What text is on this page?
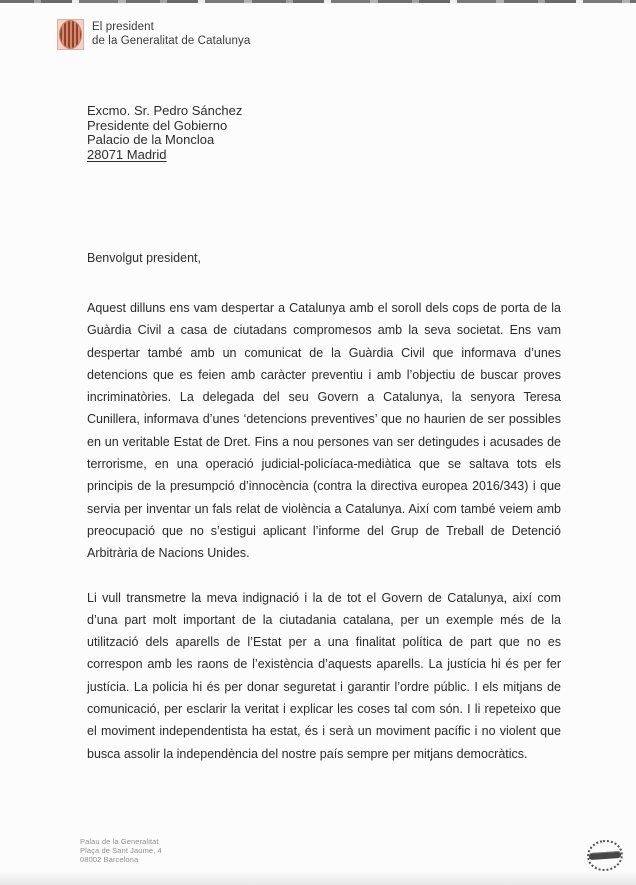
El president
de la Generalitat de Catalunya
Excmo. Sr. Pedro Sánchez
Presidente del Gobierno
Palacio de la Moncloa
28071 Madrid
Benvolgut president,

Aquest dilluns ens vam despertar a Catalunya amb el soroll dels cops de porta de la Guàrdia Civil a casa de ciutadans compromesos amb la seva societat. Ens vam despertar també amb un comunicat de la Guàrdia Civil que informava d’unes detencions que es feien amb caràcter preventiu i amb l’objectiu de buscar proves incriminatòries. La delegada del seu Govern a Catalunya, la senyora Teresa Cunillera, informava d’unes ‘detencions preventives’ que no haurien de ser possibles en un veritable Estat de Dret. Fins a nou persones van ser detingudes i acusades de terrorisme, en una operació judicial-policíaca-mediàtica que se saltava tots els principis de la presumpció d’innocència (contra la directiva europea 2016/343) i que servia per inventar un fals relat de violència a Catalunya. Així com també veiem amb preocupació que no s’estigui aplicant l’informe del Grup de Treball de Detenció Arbitrària de Nacions Unides.

Li vull transmetre la meva indignació i la de tot el Govern de Catalunya, així com d’una part molt important de la ciutadania catalana, per un exemple més de la utilització dels aparells de l’Estat per a una finalitat política de part que no es correspon amb les raons de l’existència d’aquests aparells. La justícia hi és per fer justícia. La policia hi és per donar seguretat i garantir l’ordre públic. I els mitjans de comunicació, per esclarir la veritat i explicar les coses tal com són. I li repeteixo que el moviment independentista ha estat, és i serà un moviment pacífic i no violent que busca assolir la independència del nostre país sempre per mitjans democràtics.

Palau de la Generalitat
Plaça de Sant Jaume, 4
08002 Barcelona
